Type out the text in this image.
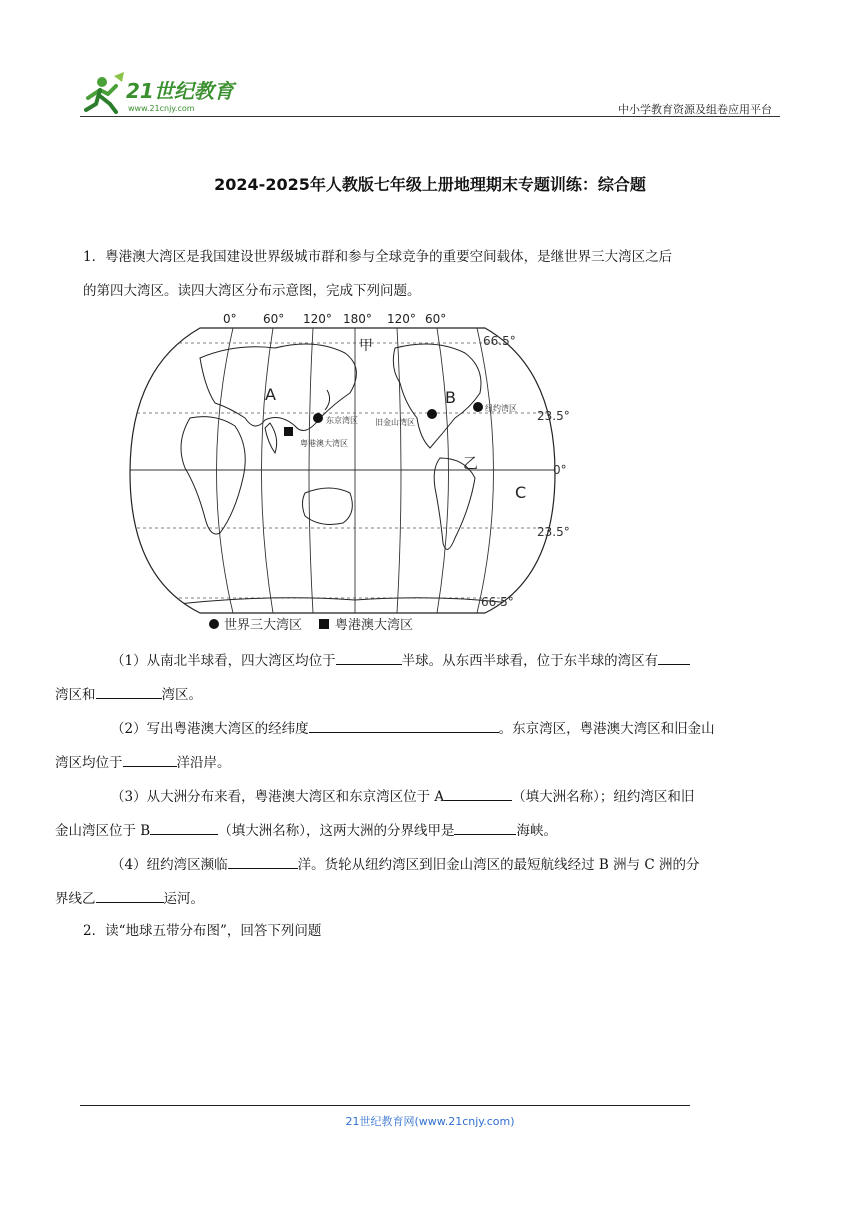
21世纪教育
www.21cnjy.com	中小学教育资源及组卷应用平台
2024-2025年人教版七年级上册地理期末专题训练：综合题
1．粤港澳大湾区是我国建设世界级城市群和参与全球竞争的重要空间载体，是继世界三大湾区之后
的第四大湾区。读四大湾区分布示意图，完成下列问题。
0° 60° 120° 180° 120° 60°
66.5°
23.5°
0°
23.5°
66.5°
A	B
C
甲
乙
东京湾区 旧金山湾区
纽约湾区
粤港澳大湾区
世界三大湾区	粤港澳大湾区
（1）从南北半球看，四大湾区均位于	半球。从东西半球看，位于东半球的湾区有
湾区和	湾区。
（2）写出粤港澳大湾区的经纬度	。东京湾区，粤港澳大湾区和旧金山
湾区均位于	洋沿岸。
（3）从大洲分布来看，粤港澳大湾区和东京湾区位于 A	（填大洲名称）；纽约湾区和旧
金山湾区位于 B	（填大洲名称），这两大洲的分界线甲是	海峡。
（4）纽约湾区濒临	洋。货轮从纽约湾区到旧金山湾区的最短航线经过 B 洲与 C 洲的分
界线乙	运河。
2．读“地球五带分布图”，回答下列问题
21世纪教育网(www.21cnjy.com)
